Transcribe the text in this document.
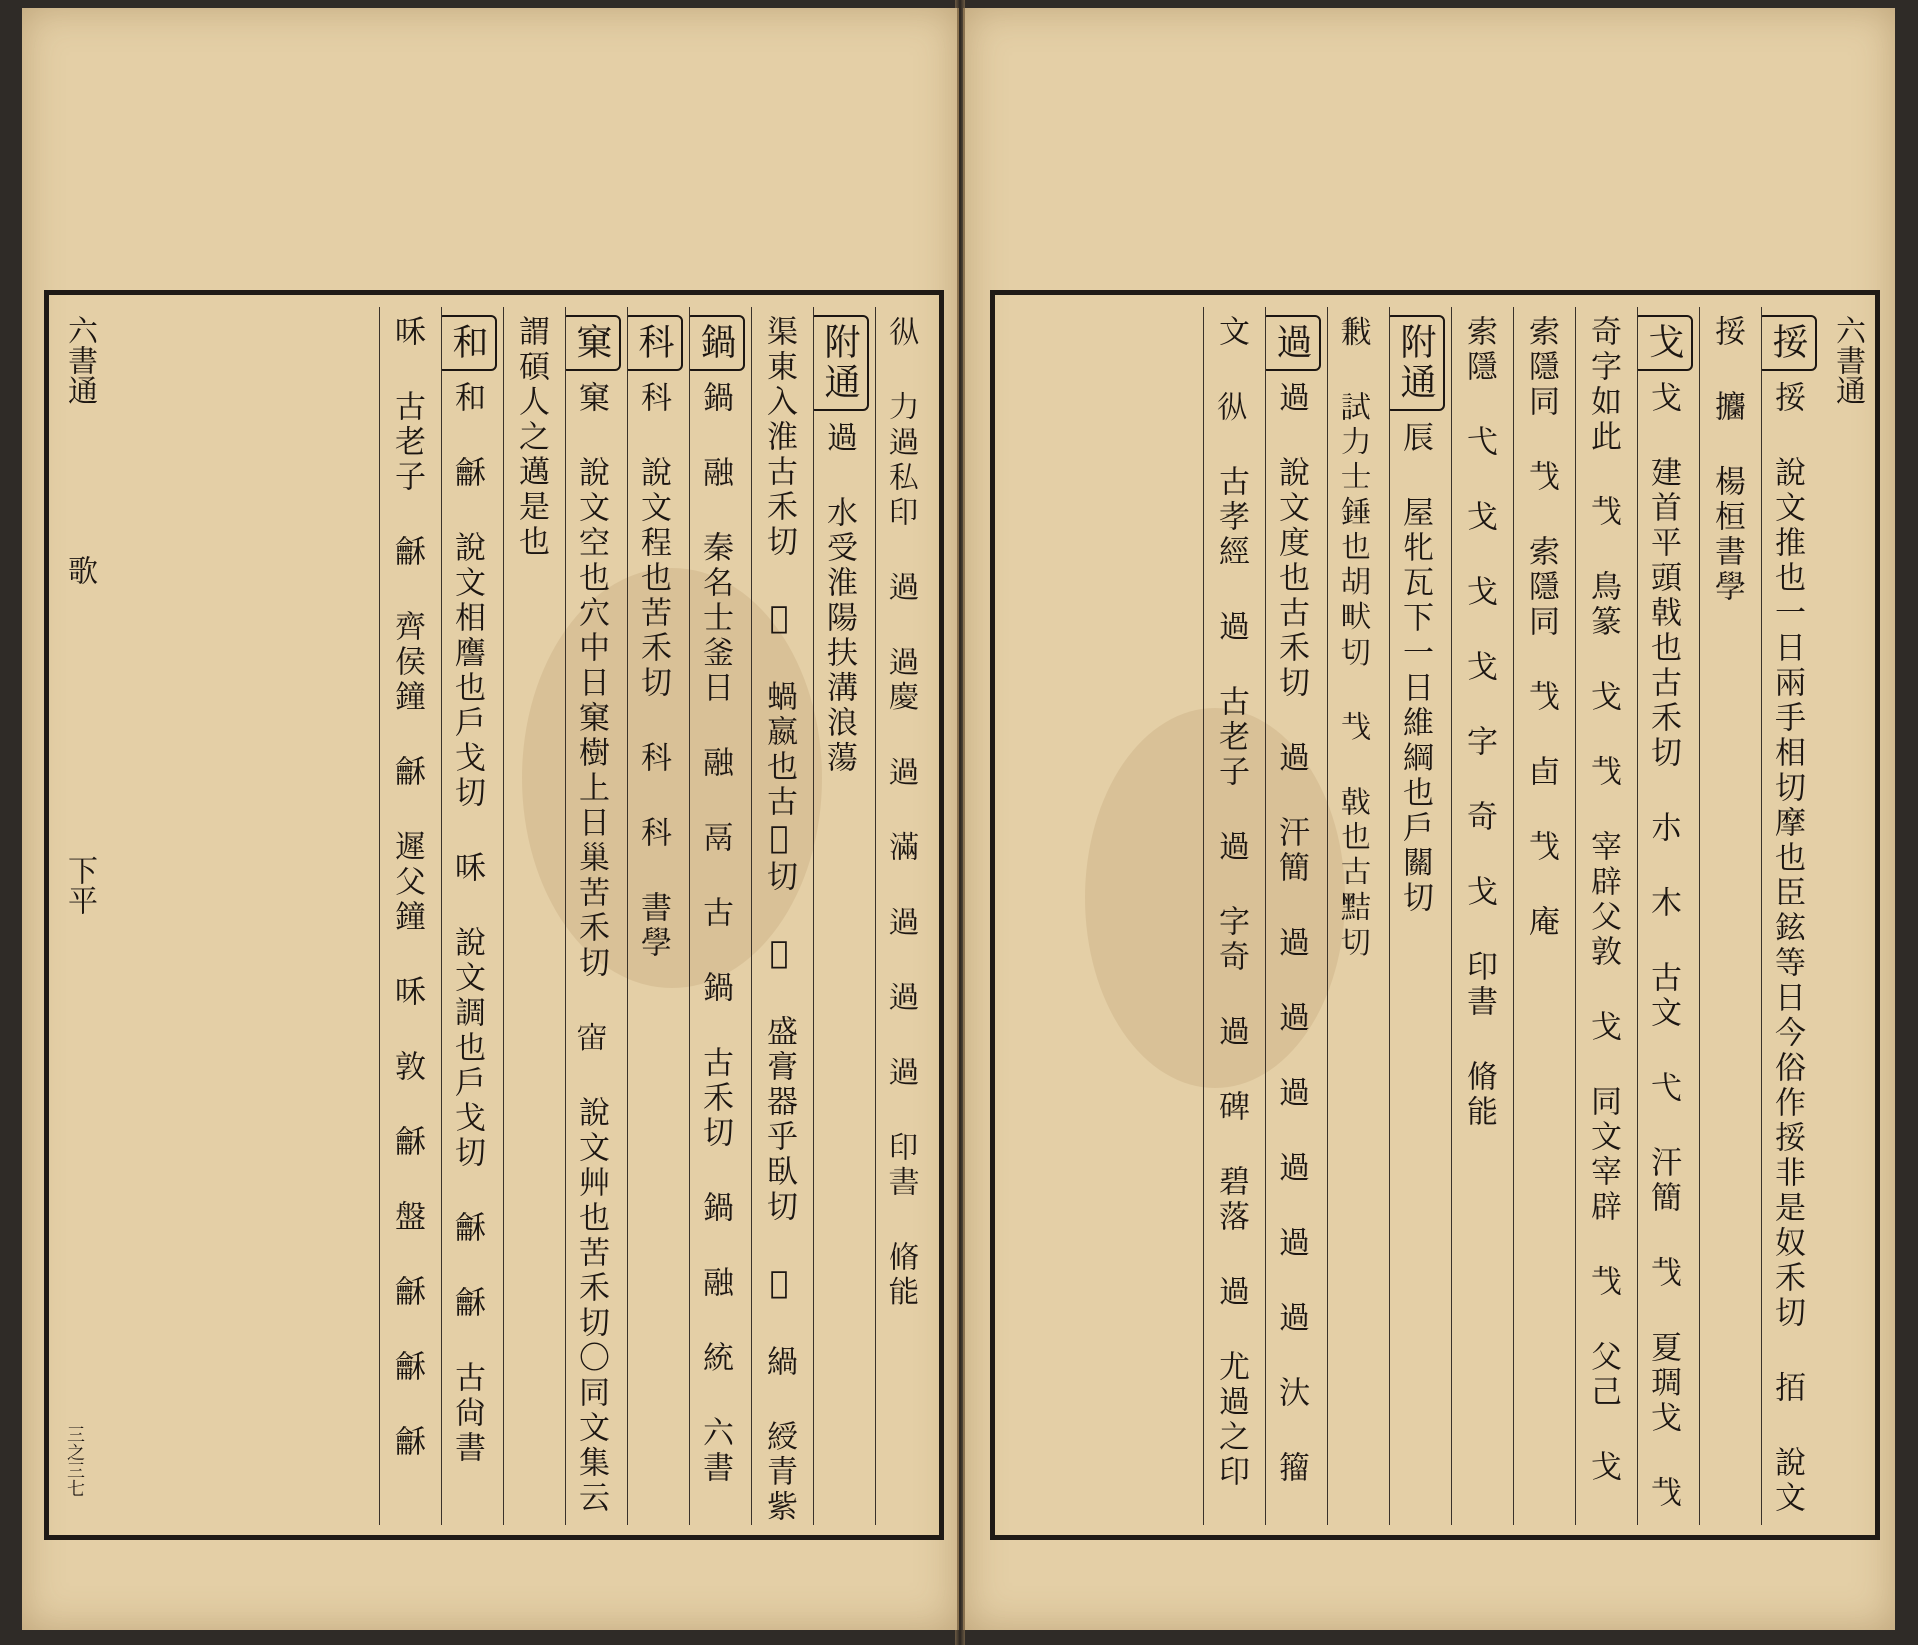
𢓅 力過私印 過 過慶 過 滿 過 過 過 印書 脩能
附通過 水受淮陽扶溝浪蕩
渠東入淮古禾切 𧌾 蝸嬴也古𧌾切 𧌾 盛膏器乎臥切 𧌾 緺 綬青紫
鍋鍋 融 秦名士釜日 融 鬲 古 鍋 古禾切 鍋 融 統 六書
科科 說文程也苦禾切 科 科 書學
窠窠 說文空也穴中日窠樹上日巢苦禾切 𥥉 說文艸也苦禾切〇同文集云
謂碩人之邁是也
和和 龢 說文相譍也戶戈切 咊 說文調也戶戈切 龢 龢 古尙書
咊 古老子 龢 齊侯鐘 龢 遲父鐘 咊 敦 龢 盤 龢 龢 龢
六書通
歌
下平
三之三七
六書通
挼挼 說文推也一日兩手相切摩也臣鉉等日今俗作挼非是奴禾切 𢫦 說文
挼 攟 楊桓書學
戈戈 建首平頭戟也古禾切 朩 木 古文 弋 汗簡 𢦏 夏琱戈 𢦏
奇字如此 𢦏 鳥篆 戈 𢦏 宰辟父敦 戈 同文宰辟 𢦏 父己 戈
索隱同 𢦏 索隱同 𢦏 卣 𢦏 庵
索隱 弋 戈 戈 戈 字 奇 戈 印書 脩能
附通𠩐 屋牝瓦下一日維綱也戶關切
𢧥 試力士錘也胡畎切 𢦏 戟也古黠切
過過 說文度也古禾切 過 汗簡 過 過 過 過 過 過 汏 籀
文 𢓅 古孝經 過 古老子 過 字奇 過 碑 碧落 過 尤過之印
